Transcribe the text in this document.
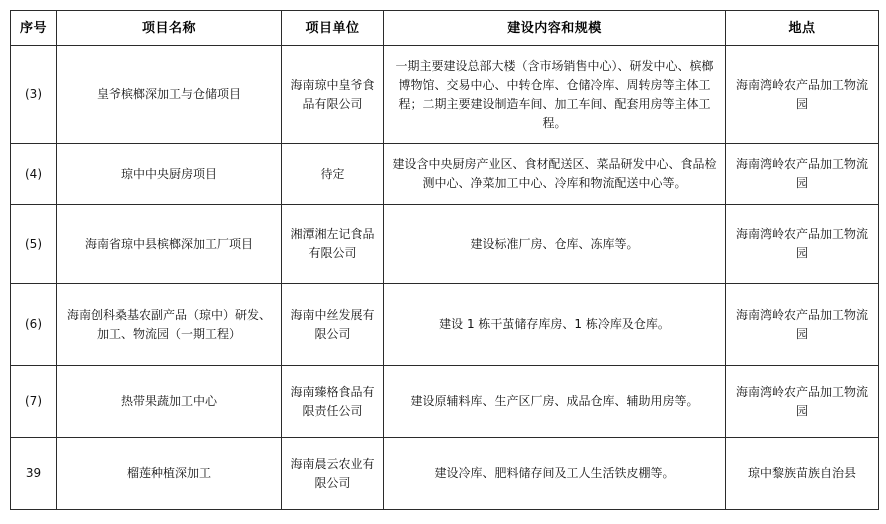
序号	项目名称	项目单位	建设内容和规模	地点
(3)	皇爷槟榔深加工与仓储项目	海南琼中皇爷食品有限公司	一期主要建设总部大楼（含市场销售中心）、研发中心、槟榔博物馆、交易中心、中转仓库、仓储冷库、周转房等主体工程；二期主要建设制造车间、加工车间、配套用房等主体工程。	海南湾岭农产品加工物流园
(4)	琼中中央厨房项目	待定	建设含中央厨房产业区、食材配送区、菜品研发中心、食品检测中心、净菜加工中心、冷库和物流配送中心等。	海南湾岭农产品加工物流园
(5)	海南省琼中县槟榔深加工厂项目	湘潭湘左记食品有限公司	建设标准厂房、仓库、冻库等。	海南湾岭农产品加工物流园
(6)	海南创科桑基农副产品（琼中）研发、加工、物流园（一期工程）	海南中丝发展有限公司	建设 1 栋干茧储存库房、1 栋冷库及仓库。	海南湾岭农产品加工物流园
(7)	热带果蔬加工中心	海南臻格食品有限责任公司	建设原辅料库、生产区厂房、成品仓库、辅助用房等。	海南湾岭农产品加工物流园
39	榴莲种植深加工	海南晨云农业有限公司	建设冷库、肥料储存间及工人生活铁皮棚等。	琼中黎族苗族自治县
